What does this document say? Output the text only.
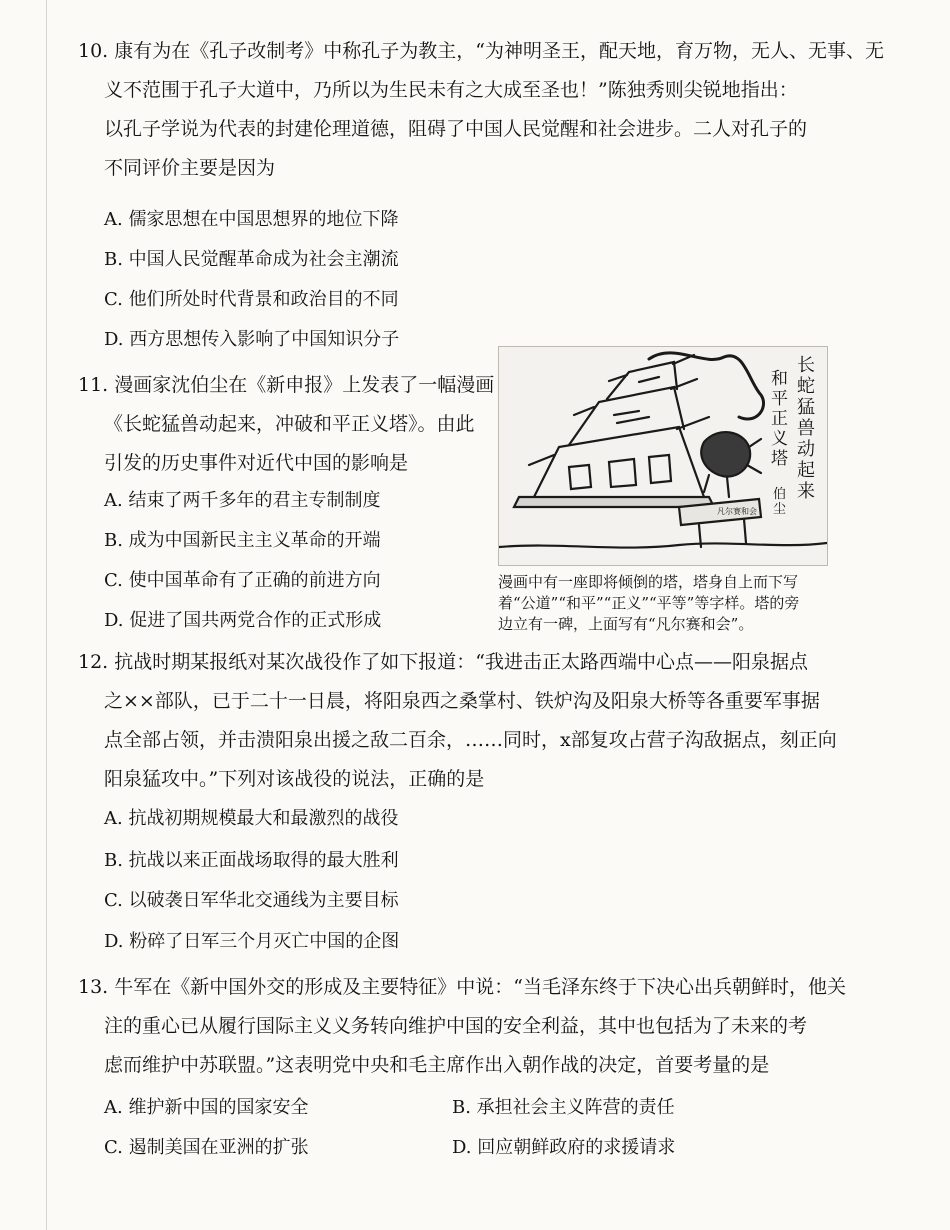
10. 康有为在《孔子改制考》中称孔子为教主，“为神明圣王，配天地，育万物，无人、无事、无
义不范围于孔子大道中，乃所以为生民未有之大成至圣也！”陈独秀则尖锐地指出：
以孔子学说为代表的封建伦理道德，阻碍了中国人民觉醒和社会进步。二人对孔子的
不同评价主要是因为
A. 儒家思想在中国思想界的地位下降
B. 中国人民觉醒革命成为社会主潮流
C. 他们所处时代背景和政治目的不同
D. 西方思想传入影响了中国知识分子
11. 漫画家沈伯尘在《新申报》上发表了一幅漫画
《长蛇猛兽动起来，冲破和平正义塔》。由此
引发的历史事件对近代中国的影响是
A. 结束了两千多年的君主专制制度
B. 成为中国新民主主义革命的开端
C. 使中国革命有了正确的前进方向
D. 促进了国共两党合作的正式形成
凡尔赛和会
长蛇猛兽动起来
和平正义塔
伯尘
漫画中有一座即将倾倒的塔，塔身自上而下写
着“公道”“和平”“正义”“平等”等字样。塔的旁
边立有一碑，上面写有“凡尔赛和会”。
12. 抗战时期某报纸对某次战役作了如下报道：“我进击正太路西端中心点——阳泉据点
之××部队，已于二十一日晨，将阳泉西之桑掌村、铁炉沟及阳泉大桥等各重要军事据
点全部占领，并击溃阳泉出援之敌二百余，……同时，x部复攻占营子沟敌据点，刻正向
阳泉猛攻中。”下列对该战役的说法，正确的是
A. 抗战初期规模最大和最激烈的战役
B. 抗战以来正面战场取得的最大胜利
C. 以破袭日军华北交通线为主要目标
D. 粉碎了日军三个月灭亡中国的企图
13. 牛军在《新中国外交的形成及主要特征》中说：“当毛泽东终于下决心出兵朝鲜时，他关
注的重心已从履行国际主义义务转向维护中国的安全利益，其中也包括为了未来的考
虑而维护中苏联盟。”这表明党中央和毛主席作出入朝作战的决定，首要考量的是
A. 维护新中国的国家安全	B. 承担社会主义阵营的责任
C. 遏制美国在亚洲的扩张	D. 回应朝鲜政府的求援请求
